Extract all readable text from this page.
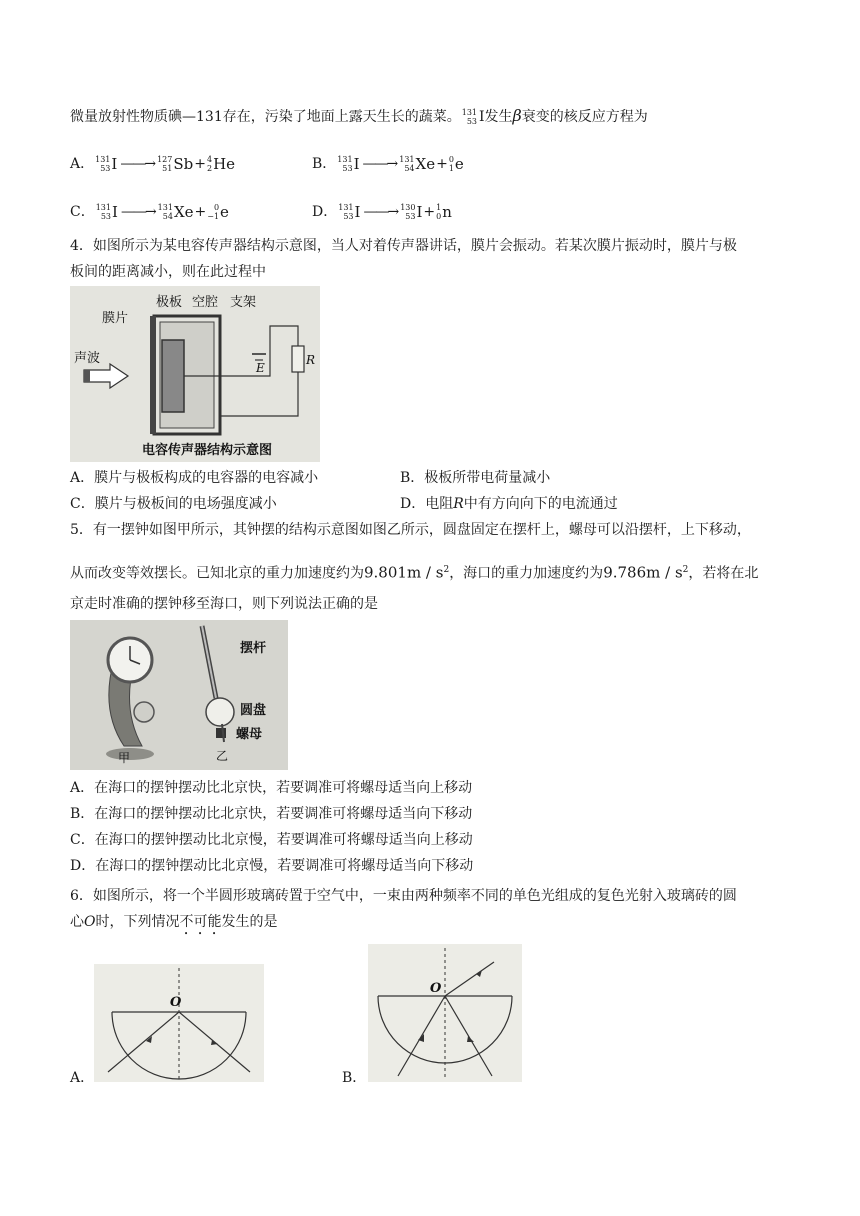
微量放射性物质碘—131存在，污染了地面上露天生长的蔬菜。 131
53 I发生β衰变的核反应方程为
A． 131
53 I ——→ 127
51 Sb+ 4
2 He	B． 131
53 I ——→ 131
54 Xe+ 0
1 e
C． 131
53 I ——→ 131
54 Xe+ 0
−1 e	D． 131
53 I ——→ 130
53 I+ 1
0 n
4．如图所示为某电容传声器结构示意图，当人对着传声器讲话，膜片会振动。若某次膜片振动时，膜片与极
板间的距离减小，则在此过程中
极板 空腔 支架
膜片
声波
E
R
电容传声器结构示意图
A．膜片与极板构成的电容器的电容减小	B．极板所带电荷量减小
C．膜片与极板间的电场强度减小	D．电阻R中有方向向下的电流通过
5．有一摆钟如图甲所示，其钟摆的结构示意图如图乙所示，圆盘固定在摆杆上，螺母可以沿摆杆，上下移动，
从而改变等效摆长。已知北京的重力加速度约为$9.801m / s^2$，海口的重力加速度约为$9.786m / s^2$，若将在北
京走时准确的摆钟移至海口，则下列说法正确的是
摆杆
圆盘
螺母
甲	乙
A．在海口的摆钟摆动比北京快，若要调准可将螺母适当向上移动
B．在海口的摆钟摆动比北京快，若要调准可将螺母适当向下移动
C．在海口的摆钟摆动比北京慢，若要调准可将螺母适当向上移动
D．在海口的摆钟摆动比北京慢，若要调准可将螺母适当向下移动
6．如图所示，将一个半圆形玻璃砖置于空气中，一束由两种频率不同的单色光组成的复色光射入玻璃砖的圆
心O时，下列情况不可能发生的是
A．
O
B．
O
